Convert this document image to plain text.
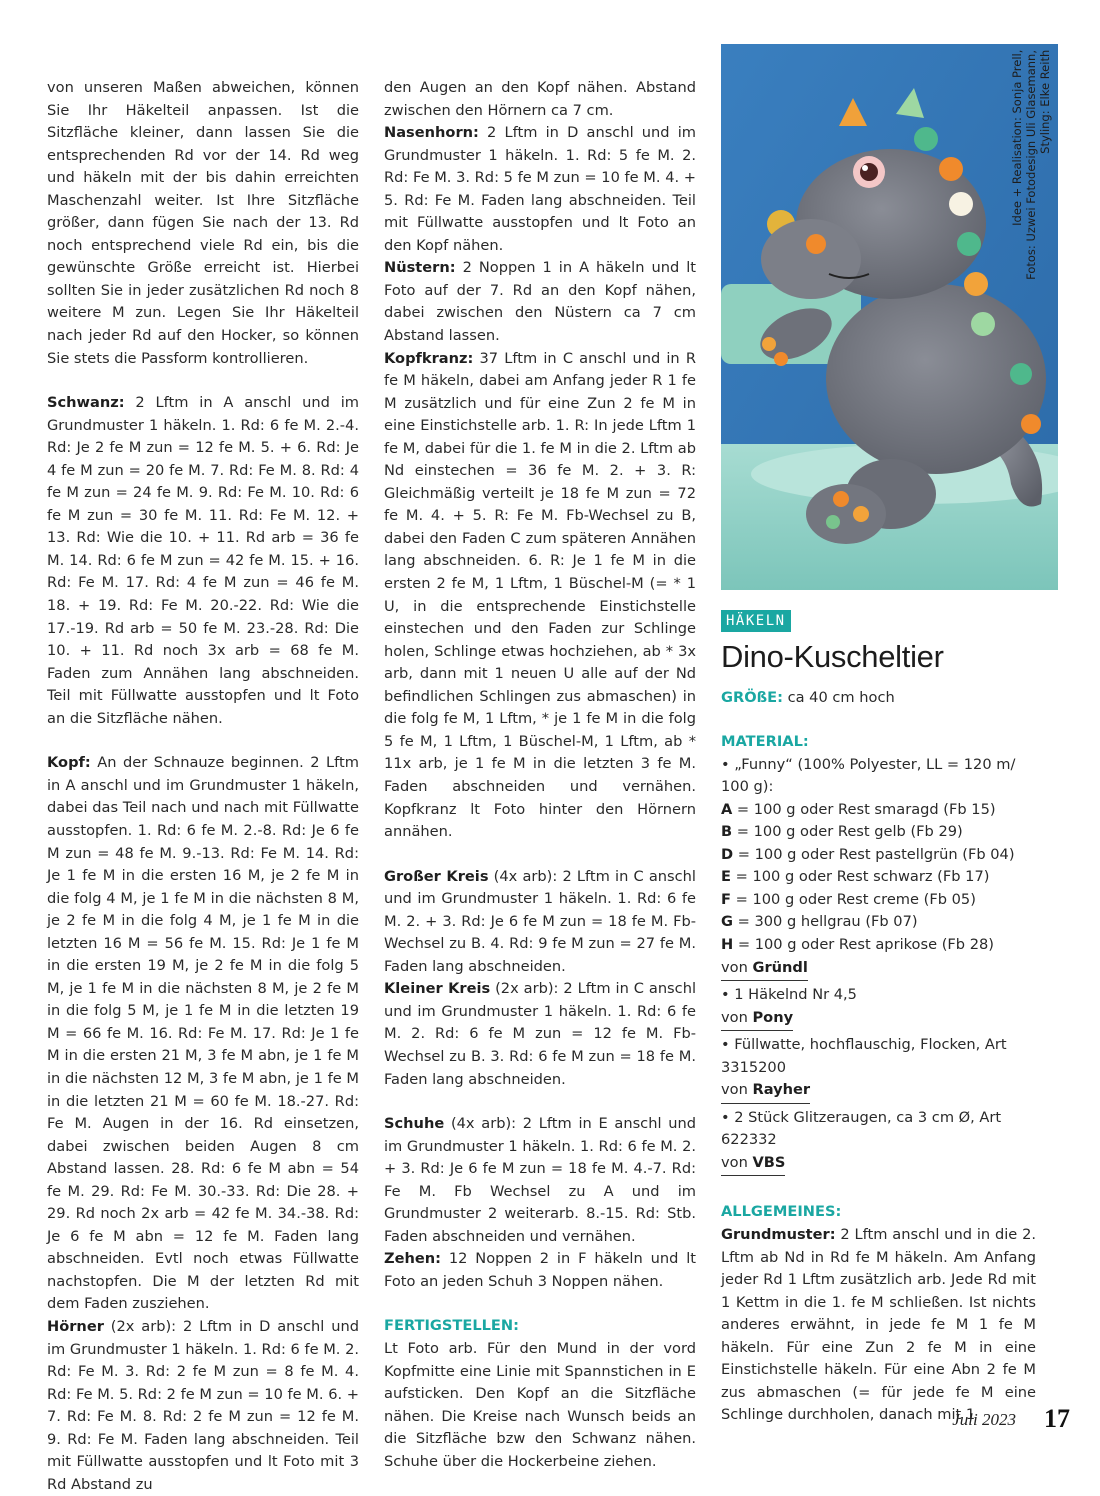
von unseren Maßen abweichen, können Sie Ihr Häkelteil anpassen. Ist die Sitzfläche kleiner, dann lassen Sie die entsprechenden Rd vor der 14. Rd weg und häkeln mit der bis dahin erreichten Maschenzahl weiter. Ist Ihre Sitzfläche größer, dann fügen Sie nach der 13. Rd noch entsprechend viele Rd ein, bis die gewünschte Größe erreicht ist. Hierbei sollten Sie in jeder zusätzlichen Rd noch 8 weitere M zun. Legen Sie Ihr Häkelteil nach jeder Rd auf den Hocker, so können Sie stets die Passform kontrollieren.

Schwanz: 2 Lftm in A anschl und im Grundmuster 1 häkeln. 1. Rd: 6 fe M. 2.-4. Rd: Je 2 fe M zun = 12 fe M. 5. + 6. Rd: Je 4 fe M zun = 20 fe M. 7. Rd: Fe M. 8. Rd: 4 fe M zun = 24 fe M. 9. Rd: Fe M. 10. Rd: 6 fe M zun = 30 fe M. 11. Rd: Fe M. 12. + 13. Rd: Wie die 10. + 11. Rd arb = 36 fe M. 14. Rd: 6 fe M zun = 42 fe M. 15. + 16. Rd: Fe M. 17. Rd: 4 fe M zun = 46 fe M. 18. + 19. Rd: Fe M. 20.-22. Rd: Wie die 17.-19. Rd arb = 50 fe M. 23.-28. Rd: Die 10. + 11. Rd noch 3x arb = 68 fe M. Faden zum Annähen lang abschneiden. Teil mit Füllwatte ausstopfen und lt Foto an die Sitzfläche nähen.

Kopf: An der Schnauze beginnen. 2 Lftm in A anschl und im Grundmuster 1 häkeln, dabei das Teil nach und nach mit Füllwatte ausstopfen. 1. Rd: 6 fe M. 2.-8. Rd: Je 6 fe M zun = 48 fe M. 9.-13. Rd: Fe M. 14. Rd: Je 1 fe M in die ersten 16 M, je 2 fe M in die folg 4 M, je 1 fe M in die nächsten 8 M, je 2 fe M in die folg 4 M, je 1 fe M in die letzten 16 M = 56 fe M. 15. Rd: Je 1 fe M in die ersten 19 M, je 2 fe M in die folg 5 M, je 1 fe M in die nächsten 8 M, je 2 fe M in die folg 5 M, je 1 fe M in die letzten 19 M = 66 fe M. 16. Rd: Fe M. 17. Rd: Je 1 fe M in die ersten 21 M, 3 fe M abn, je 1 fe M in die nächsten 12 M, 3 fe M abn, je 1 fe M in die letzten 21 M = 60 fe M. 18.-27. Rd: Fe M. Augen in der 16. Rd einsetzen, dabei zwischen beiden Augen 8 cm Abstand lassen. 28. Rd: 6 fe M abn = 54 fe M. 29. Rd: Fe M. 30.-33. Rd: Die 28. + 29. Rd noch 2x arb = 42 fe M. 34.-38. Rd: Je 6 fe M abn = 12 fe M. Faden lang abschneiden. Evtl noch etwas Füllwatte nachstopfen. Die M der letzten Rd mit dem Faden zusziehen.

Hörner (2x arb): 2 Lftm in D anschl und im Grundmuster 1 häkeln. 1. Rd: 6 fe M. 2. Rd: Fe M. 3. Rd: 2 fe M zun = 8 fe M. 4. Rd: Fe M. 5. Rd: 2 fe M zun = 10 fe M. 6. + 7. Rd: Fe M. 8. Rd: 2 fe M zun = 12 fe M. 9. Rd: Fe M. Faden lang abschneiden. Teil mit Füllwatte ausstopfen und lt Foto mit 3 Rd Abstand zu

den Augen an den Kopf nähen. Abstand zwischen den Hörnern ca 7 cm.

Nasenhorn: 2 Lftm in D anschl und im Grundmuster 1 häkeln. 1. Rd: 5 fe M. 2. Rd: Fe M. 3. Rd: 5 fe M zun = 10 fe M. 4. + 5. Rd: Fe M. Faden lang abschneiden. Teil mit Füllwatte ausstopfen und lt Foto an den Kopf nähen.

Nüstern: 2 Noppen 1 in A häkeln und lt Foto auf der 7. Rd an den Kopf nähen, dabei zwischen den Nüstern ca 7 cm Abstand lassen.

Kopfkranz: 37 Lftm in C anschl und in R fe M häkeln, dabei am Anfang jeder R 1 fe M zusätzlich und für eine Zun 2 fe M in eine Einstichstelle arb. 1. R: In jede Lftm 1 fe M, dabei für die 1. fe M in die 2. Lftm ab Nd einstechen = 36 fe M. 2. + 3. R: Gleichmäßig verteilt je 18 fe M zun = 72 fe M. 4. + 5. R: Fe M. Fb-Wechsel zu B, dabei den Faden C zum späteren Annähen lang abschneiden. 6. R: Je 1 fe M in die ersten 2 fe M, 1 Lftm, 1 Büschel-M (= * 1 U, in die entsprechende Einstichstelle einstechen und den Faden zur Schlinge holen, Schlinge etwas hochziehen, ab * 3x arb, dann mit 1 neuen U alle auf der Nd befindlichen Schlingen zus abmaschen) in die folg fe M, 1 Lftm, * je 1 fe M in die folg 5 fe M, 1 Lftm, 1 Büschel-M, 1 Lftm, ab * 11x arb, je 1 fe M in die letzten 3 fe M. Faden abschneiden und vernähen. Kopfkranz lt Foto hinter den Hörnern annähen.

Großer Kreis (4x arb): 2 Lftm in C anschl und im Grundmuster 1 häkeln. 1. Rd: 6 fe M. 2. + 3. Rd: Je 6 fe M zun = 18 fe M. Fb-Wechsel zu B. 4. Rd: 9 fe M zun = 27 fe M. Faden lang abschneiden.

Kleiner Kreis (2x arb): 2 Lftm in C anschl und im Grundmuster 1 häkeln. 1. Rd: 6 fe M. 2. Rd: 6 fe M zun = 12 fe M. Fb-Wechsel zu B. 3. Rd: 6 fe M zun = 18 fe M. Faden lang abschneiden.

Schuhe (4x arb): 2 Lftm in E anschl und im Grundmuster 1 häkeln. 1. Rd: 6 fe M. 2. + 3. Rd: Je 6 fe M zun = 18 fe M. 4.-7. Rd: Fe M. Fb Wechsel zu A und im Grundmuster 2 weiterarb. 8.-15. Rd: Stb. Faden abschneiden und vernähen.

Zehen: 12 Noppen 2 in F häkeln und lt Foto an jeden Schuh 3 Noppen nähen.

FERTIGSTELLEN:

Lt Foto arb. Für den Mund in der vord Kopfmitte eine Linie mit Spannstichen in E aufsticken. Den Kopf an die Sitzfläche nähen. Die Kreise nach Wunsch beids an die Sitzfläche bzw den Schwanz nähen. Schuhe über die Hockerbeine ziehen.

Idee + Realisation: Sonja Prell, Fotos: Uzwei Fotodesign Uli Glasemann, Styling: Elke Reith
HÄKELN
Dino-Kuscheltier

GRÖßE: ca 40 cm hoch

MATERIAL:

• „Funny“ (100% Polyester, LL = 120 m/ 100 g):

A = 100 g oder Rest smaragd (Fb 15)

B = 100 g oder Rest gelb (Fb 29)

D = 100 g oder Rest pastellgrün (Fb 04)

E = 100 g oder Rest schwarz (Fb 17)

F = 100 g oder Rest creme (Fb 05)

G = 300 g hellgrau (Fb 07)

H = 100 g oder Rest aprikose (Fb 28)

von Gründl

• 1 Häkelnd Nr 4,5

von Pony

• Füllwatte, hochflauschig, Flocken, Art 3315200

von Rayher

• 2 Stück Glitzeraugen, ca 3 cm Ø, Art 622332

von VBS

ALLGEMEINES:

Grundmuster: 2 Lftm anschl und in die 2. Lftm ab Nd in Rd fe M häkeln. Am Anfang jeder Rd 1 Lftm zusätzlich arb. Jede Rd mit 1 Kettm in die 1. fe M schließen. Ist nichts anderes erwähnt, in jede fe M 1 fe M häkeln. Für eine Zun 2 fe M in eine Einstichstelle häkeln. Für eine Abn 2 fe M zus abmaschen (= für jede fe M eine Schlinge durchholen, danach mit 1

Juli 2023 17
